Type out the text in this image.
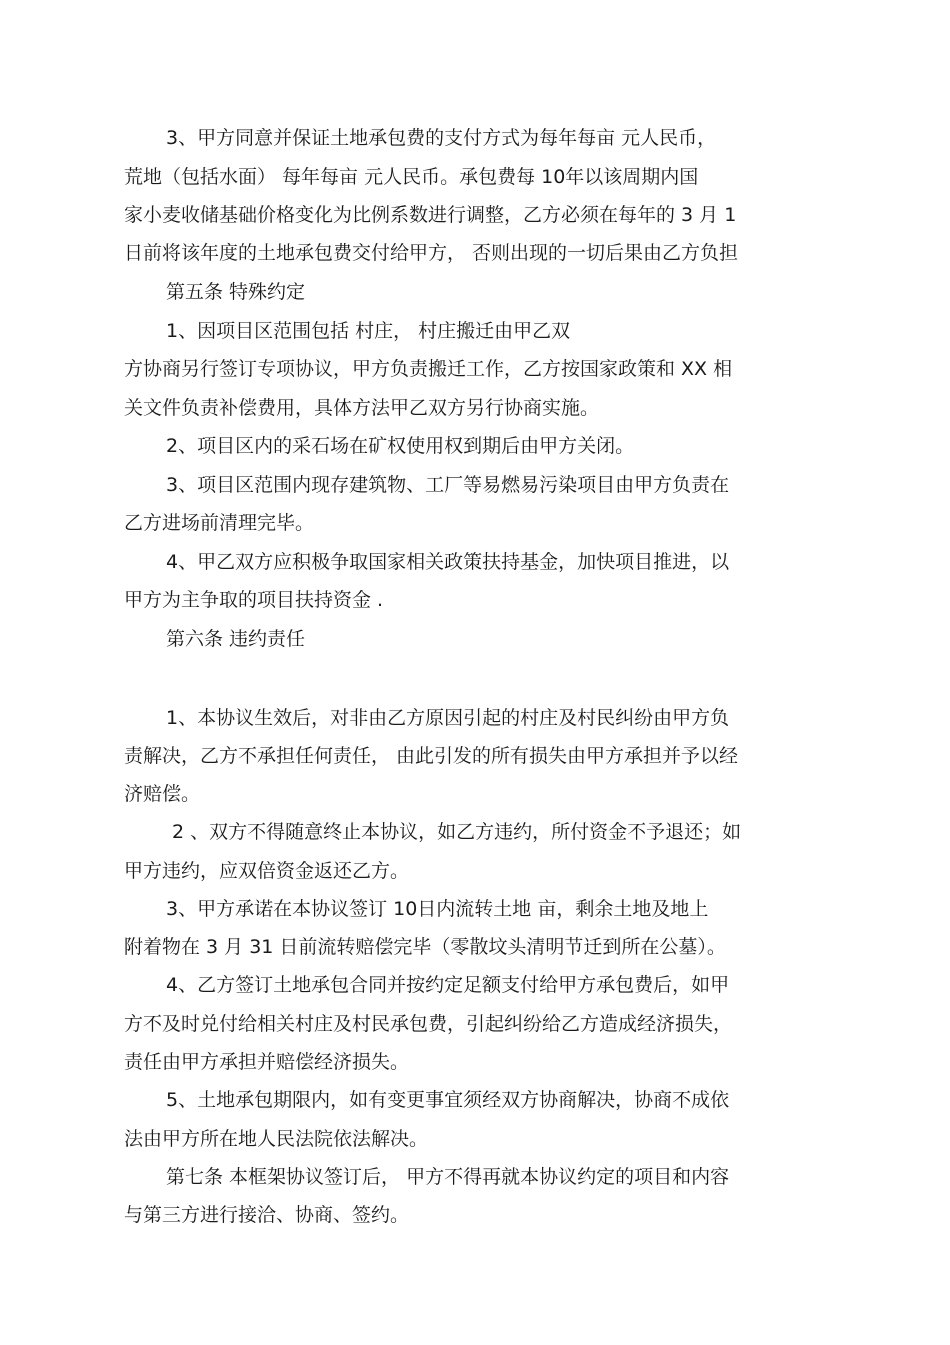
3、甲方同意并保证土地承包费的支付方式为每年每亩 元人民币，
荒地（包括水面） 每年每亩 元人民币。承包费每 10年以该周期内国
家小麦收储基础价格变化为比例系数进行调整，乙方必须在每年的 3 月 1
日前将该年度的土地承包费交付给甲方， 否则出现的一切后果由乙方负担
第五条 特殊约定
1、因项目区范围包括 村庄， 村庄搬迁由甲乙双
方协商另行签订专项协议，甲方负责搬迁工作，乙方按国家政策和 XX 相
关文件负责补偿费用，具体方法甲乙双方另行协商实施。
2、项目区内的采石场在矿权使用权到期后由甲方关闭。
3、项目区范围内现存建筑物、工厂等易燃易污染项目由甲方负责在
乙方进场前清理完毕。
4、甲乙双方应积极争取国家相关政策扶持基金，加快项目推进，以
甲方为主争取的项目扶持资金 .
第六条 违约责任
1、本协议生效后，对非由乙方原因引起的村庄及村民纠纷由甲方负
责解决，乙方不承担任何责任， 由此引发的所有损失由甲方承担并予以经
济赔偿。
2 、双方不得随意终止本协议，如乙方违约，所付资金不予退还；如
甲方违约，应双倍资金返还乙方。
3、甲方承诺在本协议签订 10日内流转土地 亩，剩余土地及地上
附着物在 3 月 31 日前流转赔偿完毕（零散坟头清明节迁到所在公墓）。
4、乙方签订土地承包合同并按约定足额支付给甲方承包费后，如甲
方不及时兑付给相关村庄及村民承包费，引起纠纷给乙方造成经济损失，
责任由甲方承担并赔偿经济损失。
5、土地承包期限内，如有变更事宜须经双方协商解决，协商不成依
法由甲方所在地人民法院依法解决。
第七条 本框架协议签订后， 甲方不得再就本协议约定的项目和内容
与第三方进行接洽、协商、签约。
